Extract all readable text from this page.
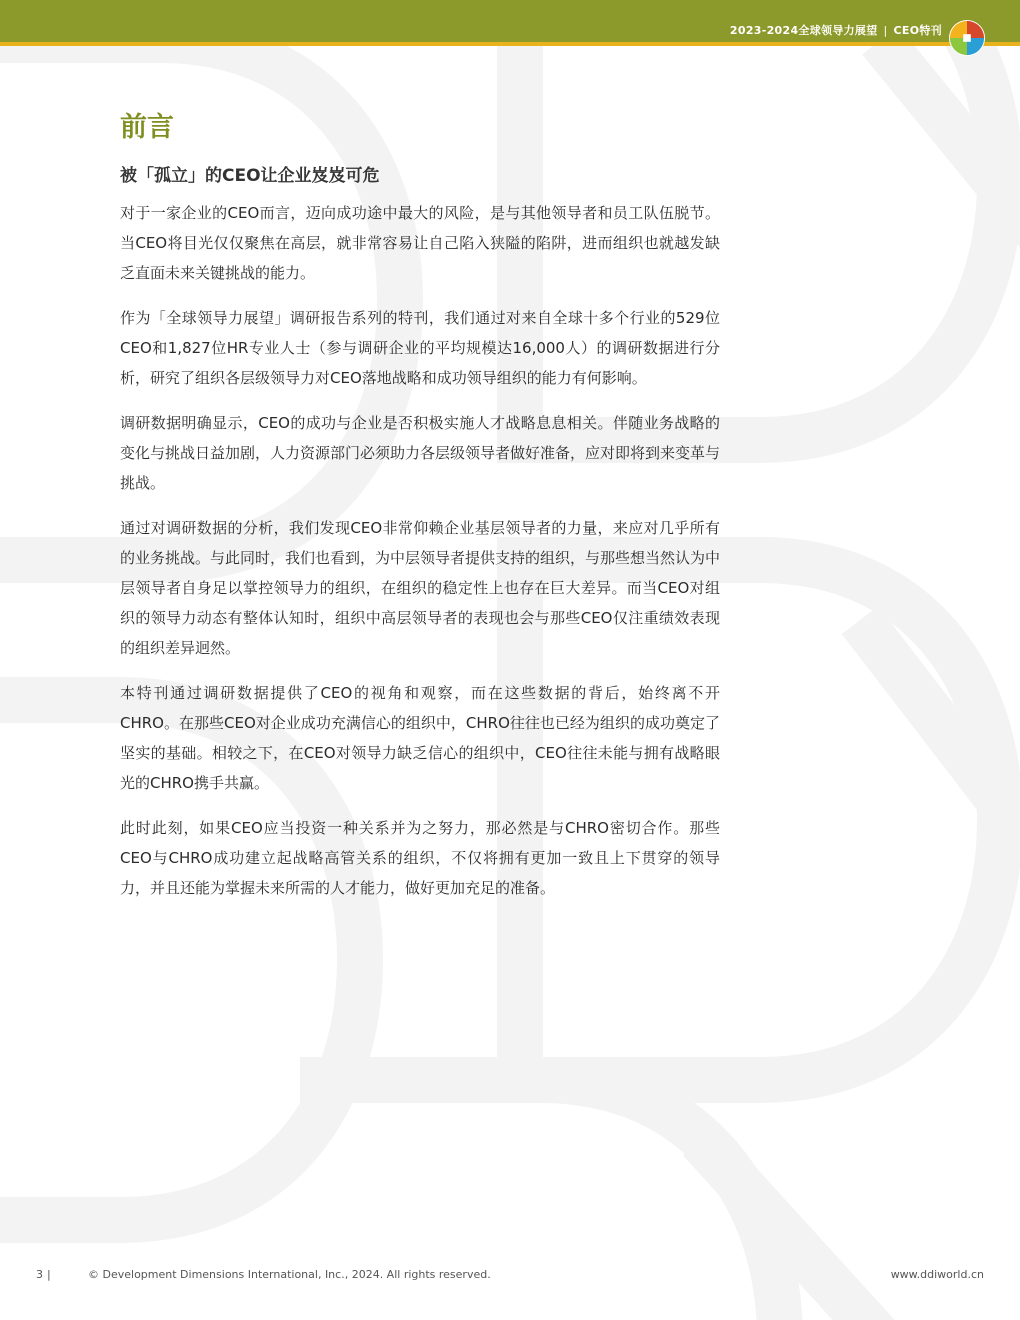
2023-2024全球领导力展望 | CEO特刊
前言
被「孤立」的CEO让企业岌岌可危

对于一家企业的CEO而言，迈向成功途中最大的风险，是与其他领导者和员工队伍脱节。当CEO将目光仅仅聚焦在高层，就非常容易让自己陷入狭隘的陷阱，进而组织也就越发缺乏直面未来关键挑战的能力。

作为「全球领导力展望」调研报告系列的特刊，我们通过对来自全球十多个行业的529位CEO和1,827位HR专业人士（参与调研企业的平均规模达16,000人）的调研数据进行分析，研究了组织各层级领导力对CEO落地战略和成功领导组织的能力有何影响。

调研数据明确显示，CEO的成功与企业是否积极实施人才战略息息相关。伴随业务战略的变化与挑战日益加剧，人力资源部门必须助力各层级领导者做好准备，应对即将到来变革与挑战。

通过对调研数据的分析，我们发现CEO非常仰赖企业基层领导者的力量，来应对几乎所有的业务挑战。与此同时，我们也看到，为中层领导者提供支持的组织，与那些想当然认为中层领导者自身足以掌控领导力的组织，在组织的稳定性上也存在巨大差异。而当CEO对组织的领导力动态有整体认知时，组织中高层领导者的表现也会与那些CEO仅注重绩效表现的组织差异迥然。

本特刊通过调研数据提供了CEO的视角和观察，而在这些数据的背后，始终离不开CHRO。在那些CEO对企业成功充满信心的组织中，CHRO往往也已经为组织的成功奠定了坚实的基础。相较之下，在CEO对领导力缺乏信心的组织中，CEO往往未能与拥有战略眼光的CHRO携手共赢。

此时此刻，如果CEO应当投资一种关系并为之努力，那必然是与CHRO密切合作。那些CEO与CHRO成功建立起战略高管关系的组织，不仅将拥有更加一致且上下贯穿的领导力，并且还能为掌握未来所需的人才能力，做好更加充足的准备。

3 |	© Development Dimensions International, Inc., 2024. All rights reserved.	www.ddiworld.cn
